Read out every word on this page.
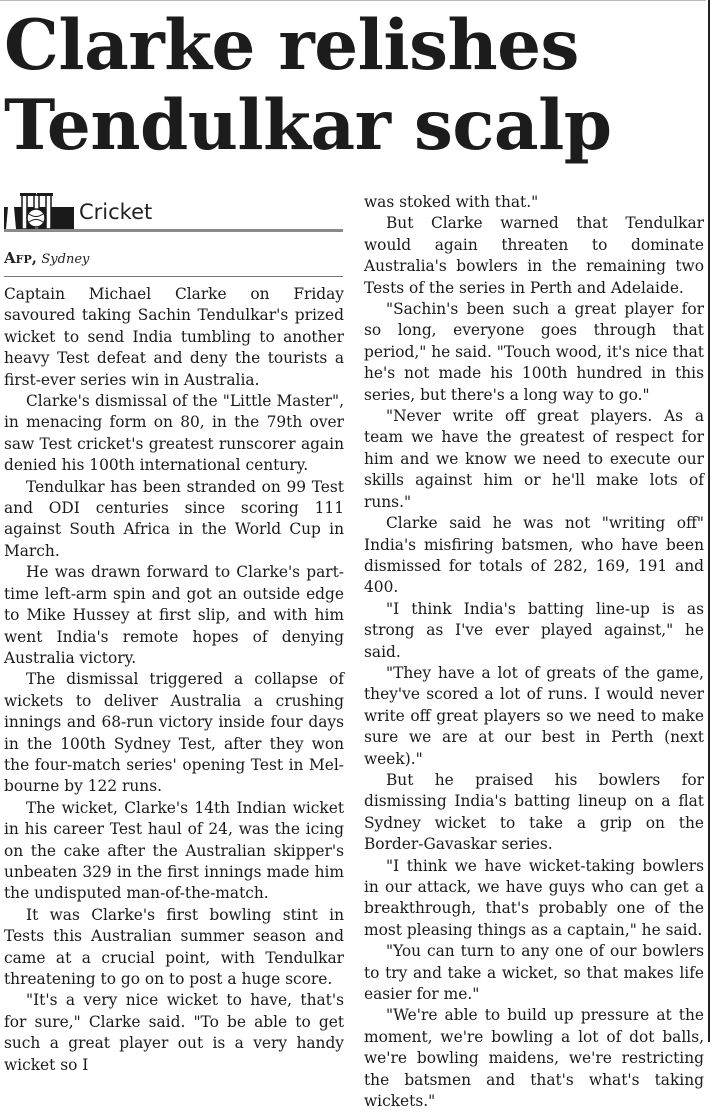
Clarke relishes Tendulkar scalp
Cricket
Afp, Sydney

Captain Michael Clarke on Friday savoured taking Sachin Tendulkar's prized wicket to send India tumbling to another heavy Test defeat and deny the tourists a first-ever series win in Australia.

Clarke's dismissal of the "Little Master", in menacing form on 80, in the 79th over saw Test cricket's greatest runscorer again denied his 100th international century.

Tendulkar has been stranded on 99 Test and ODI centuries since scoring 111 against South Africa in the World Cup in March.

He was drawn forward to Clarke's part-time left-arm spin and got an outside edge to Mike Hussey at first slip, and with him went India's remote hopes of denying Australia victory.

The dismissal triggered a collapse of wickets to deliver Australia a crushing innings and 68-run victory inside four days in the 100th Sydney Test, after they won the four-match series' opening Test in Melbourne by 122 runs.

The wicket, Clarke's 14th Indian wicket in his career Test haul of 24, was the icing on the cake after the Australian skipper's unbeaten 329 in the first innings made him the undisputed man-of-the-match.

It was Clarke's first bowling stint in Tests this Australian summer season and came at a crucial point, with Tendulkar threatening to go on to post a huge score.

"It's a very nice wicket to have, that's for sure," Clarke said. "To be able to get such a great player out is a very handy wicket so I

was stoked with that."

But Clarke warned that Tendulkar would again threaten to dominate Australia's bowlers in the remaining two Tests of the series in Perth and Adelaide.

"Sachin's been such a great player for so long, everyone goes through that period," he said. "Touch wood, it's nice that he's not made his 100th hundred in this series, but there's a long way to go."

"Never write off great players. As a team we have the greatest of respect for him and we know we need to execute our skills against him or he'll make lots of runs."

Clarke said he was not "writing off" India's misfiring batsmen, who have been dismissed for totals of 282, 169, 191 and 400.

"I think India's batting line-up is as strong as I've ever played against," he said.

"They have a lot of greats of the game, they've scored a lot of runs. I would never write off great players so we need to make sure we are at our best in Perth (next week)."

But he praised his bowlers for dismissing India's batting lineup on a flat Sydney wicket to take a grip on the Border-Gavaskar series.

"I think we have wicket-taking bowlers in our attack, we have guys who can get a breakthrough, that's probably one of the most pleasing things as a captain," he said.

"You can turn to any one of our bowlers to try and take a wicket, so that makes life easier for me."

"We're able to build up pressure at the moment, we're bowling a lot of dot balls, we're bowling maidens, we're restricting the batsmen and that's what's taking wickets."
